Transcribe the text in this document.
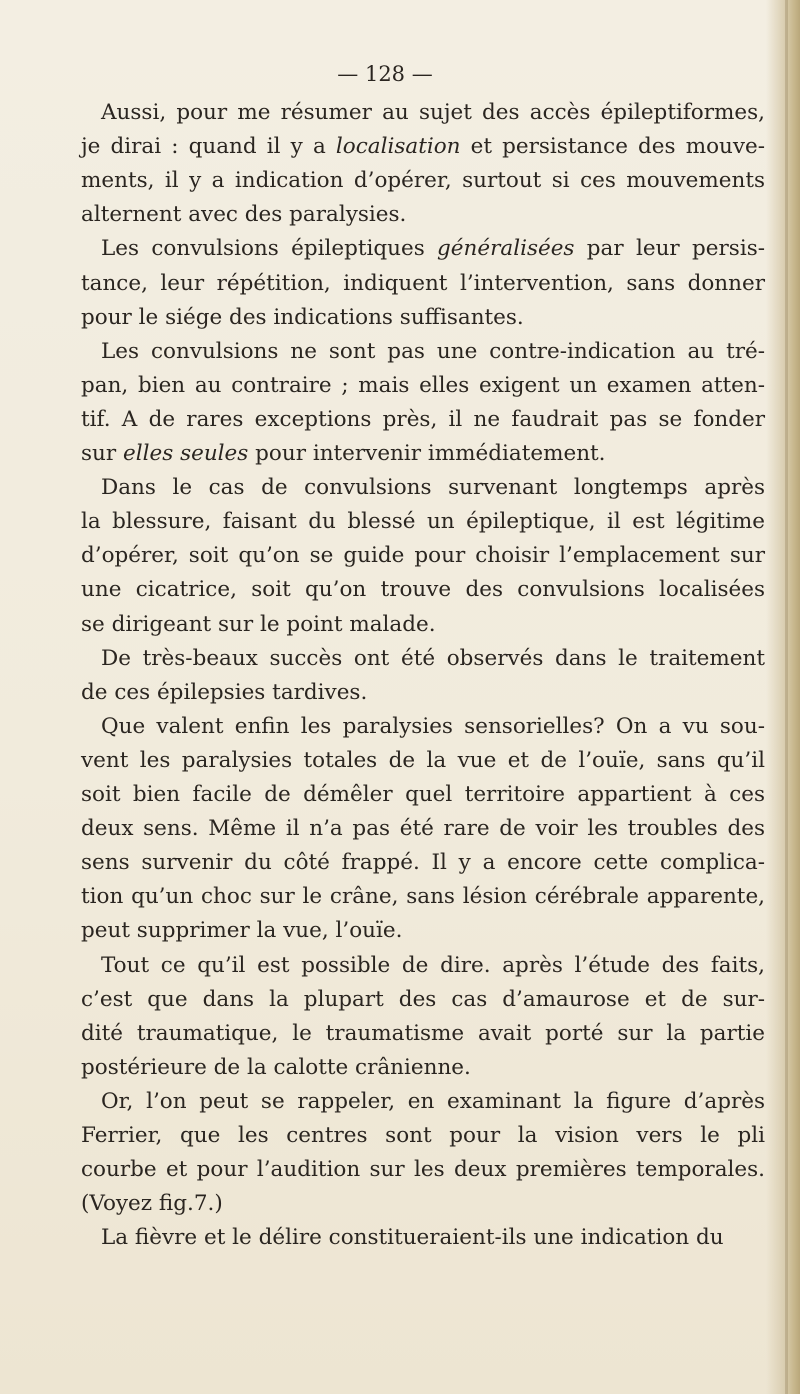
— 128 —
Aussi, pour me résumer au sujet des accès épileptiformes,
je dirai : quand il y a localisation et persistance des mouve-
ments, il y a indication d’opérer, surtout si ces mouvements
alternent avec des paralysies.
Les convulsions épileptiques généralisées par leur persis-
tance, leur répétition, indiquent l’intervention, sans donner
pour le siége des indications suffisantes.
Les convulsions ne sont pas une contre-indication au tré-
pan, bien au contraire ; mais elles exigent un examen atten-
tif. A de rares exceptions près, il ne faudrait pas se fonder
sur elles seules pour intervenir immédiatement.
Dans le cas de convulsions survenant longtemps après
la blessure, faisant du blessé un épileptique, il est légitime
d’opérer, soit qu’on se guide pour choisir l’emplacement sur
une cicatrice, soit qu’on trouve des convulsions localisées
se dirigeant sur le point malade.
De très-beaux succès ont été observés dans le traitement
de ces épilepsies tardives.
Que valent enfin les paralysies sensorielles? On a vu sou-
vent les paralysies totales de la vue et de l’ouïe, sans qu’il
soit bien facile de démêler quel territoire appartient à ces
deux sens. Même il n’a pas été rare de voir les troubles des
sens survenir du côté frappé. Il y a encore cette complica-
tion qu’un choc sur le crâne, sans lésion cérébrale apparente,
peut supprimer la vue, l’ouïe.
Tout ce qu’il est possible de dire. après l’étude des faits,
c’est que dans la plupart des cas d’amaurose et de sur-
dité traumatique, le traumatisme avait porté sur la partie
postérieure de la calotte crânienne.
Or, l’on peut se rappeler, en examinant la figure d’après
Ferrier, que les centres sont pour la vision vers le pli
courbe et pour l’audition sur les deux premières temporales.
(Voyez fig.7.)
La fièvre et le délire constitueraient-ils une indication du
